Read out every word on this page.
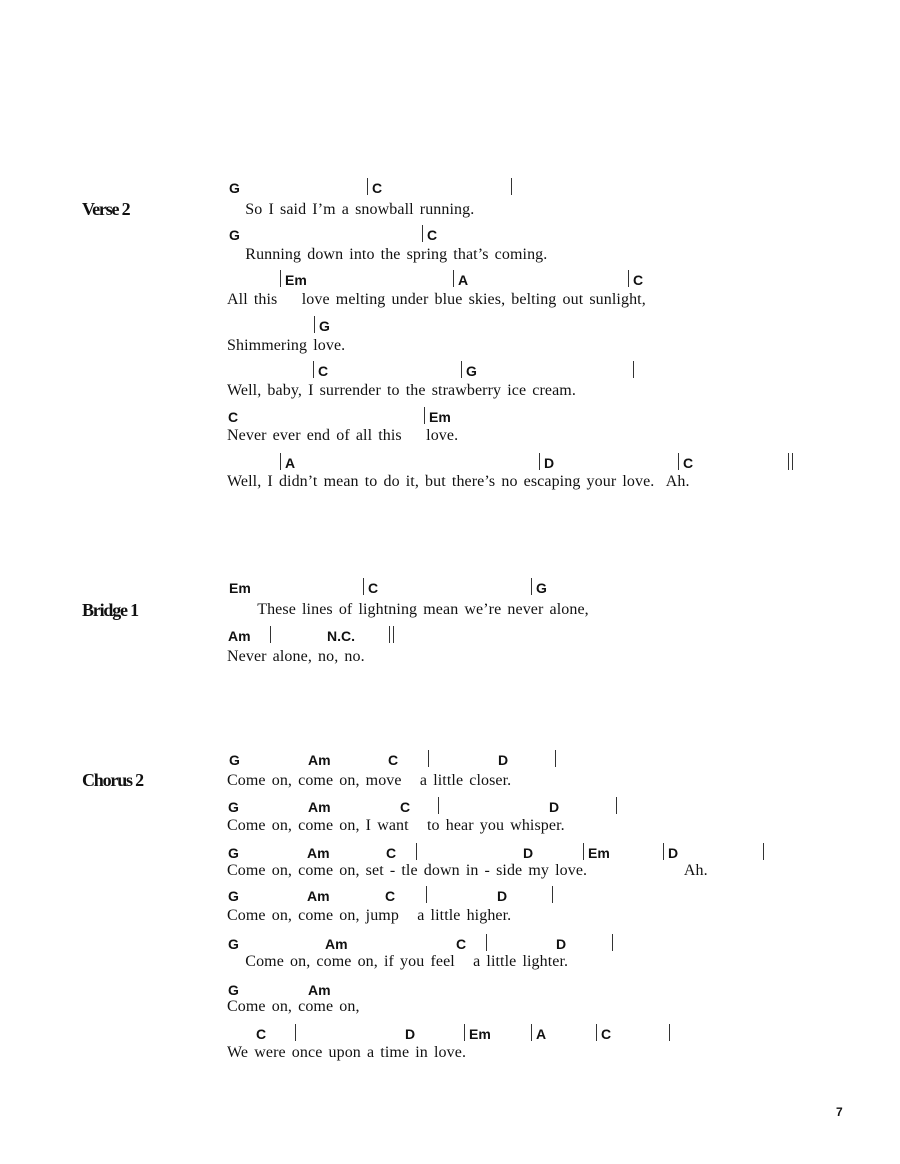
Verse 2
G	C
So I said I’m a snowball running.
G	C
Running down into the spring that’s coming.
Em	A	C
All this    love melting under blue skies, belting out sunlight,
G
Shimmering love.
C	G
Well, baby, I surrender to the strawberry ice cream.
C	Em
Never ever end of all this    love.
A	D	C
Well, I didn’t mean to do it, but there’s no escaping your love.  Ah.
Bridge 1
Em	C	G
These lines of lightning mean we’re never alone,
Am	N.C.
Never alone, no, no.
Chorus 2
G	Am	C	D
Come on, come on, move   a little closer.
G	Am	C	D
Come on, come on, I want   to hear you whisper.
G	Am	C	D	Em	D
Come on, come on, set - tle down in - side my love.                Ah.
G	Am	C	D
Come on, come on, jump   a little higher.
G	Am	C	D
Come on, come on, if you feel   a little lighter.
G	Am
Come on, come on,
C	D	Em	A	C
We were once upon a time in love.
7
